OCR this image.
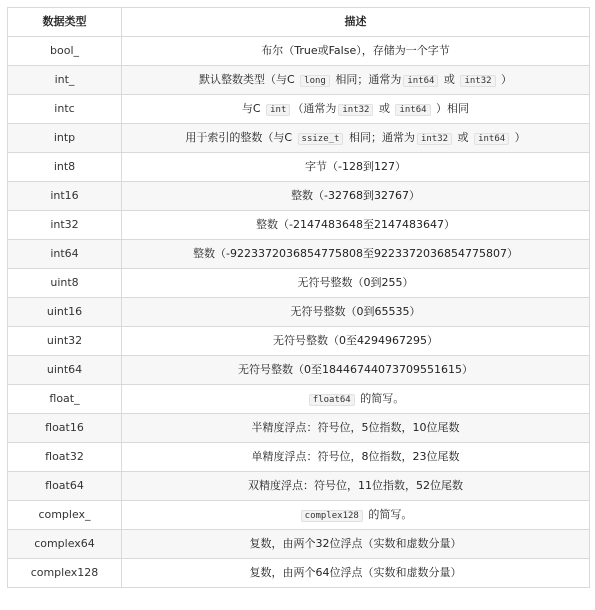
数据类型	描述
bool_	布尔（True或False），存储为一个字节
int_	默认整数类型（与C long 相同；通常为 int64 或 int32 ）
intc	与C int （通常为 int32 或 int64 ）相同
intp	用于索引的整数（与C ssize_t 相同；通常为 int32 或 int64 ）
int8	字节（-128到127）
int16	整数（-32768到32767）
int32	整数（-2147483648至2147483647）
int64	整数（-9223372036854775808至9223372036854775807）
uint8	无符号整数（0到255）
uint16	无符号整数（0到65535）
uint32	无符号整数（0至4294967295）
uint64	无符号整数（0至18446744073709551615）
float_	float64 的简写。
float16	半精度浮点：符号位，5位指数，10位尾数
float32	单精度浮点：符号位，8位指数，23位尾数
float64	双精度浮点：符号位，11位指数，52位尾数
complex_	complex128 的简写。
complex64	复数，由两个32位浮点（实数和虚数分量）
complex128	复数，由两个64位浮点（实数和虚数分量）
